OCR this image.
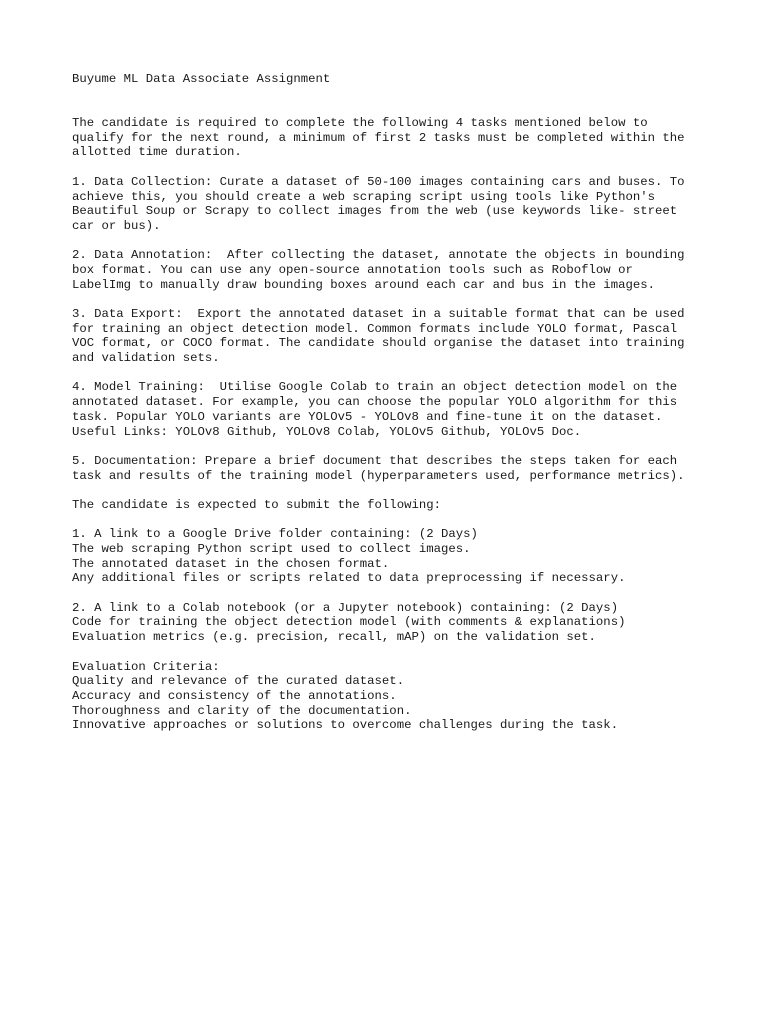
Buyume ML Data Associate Assignment
The candidate is required to complete the following 4 tasks mentioned below to
qualify for the next round, a minimum of first 2 tasks must be completed within the
allotted time duration.
1. Data Collection: Curate a dataset of 50-100 images containing cars and buses. To
achieve this, you should create a web scraping script using tools like Python's
Beautiful Soup or Scrapy to collect images from the web (use keywords like- street
car or bus).
2. Data Annotation:  After collecting the dataset, annotate the objects in bounding
box format. You can use any open-source annotation tools such as Roboflow or
LabelImg to manually draw bounding boxes around each car and bus in the images.
3. Data Export:  Export the annotated dataset in a suitable format that can be used
for training an object detection model. Common formats include YOLO format, Pascal
VOC format, or COCO format. The candidate should organise the dataset into training
and validation sets.
4. Model Training:  Utilise Google Colab to train an object detection model on the
annotated dataset. For example, you can choose the popular YOLO algorithm for this
task. Popular YOLO variants are YOLOv5 - YOLOv8 and fine-tune it on the dataset.
Useful Links: YOLOv8 Github, YOLOv8 Colab, YOLOv5 Github, YOLOv5 Doc.
5. Documentation: Prepare a brief document that describes the steps taken for each
task and results of the training model (hyperparameters used, performance metrics).
The candidate is expected to submit the following:
1. A link to a Google Drive folder containing: (2 Days)
The web scraping Python script used to collect images.
The annotated dataset in the chosen format.
Any additional files or scripts related to data preprocessing if necessary.
2. A link to a Colab notebook (or a Jupyter notebook) containing: (2 Days)
Code for training the object detection model (with comments & explanations)
Evaluation metrics (e.g. precision, recall, mAP) on the validation set.
Evaluation Criteria:
Quality and relevance of the curated dataset.
Accuracy and consistency of the annotations.
Thoroughness and clarity of the documentation.
Innovative approaches or solutions to overcome challenges during the task.
